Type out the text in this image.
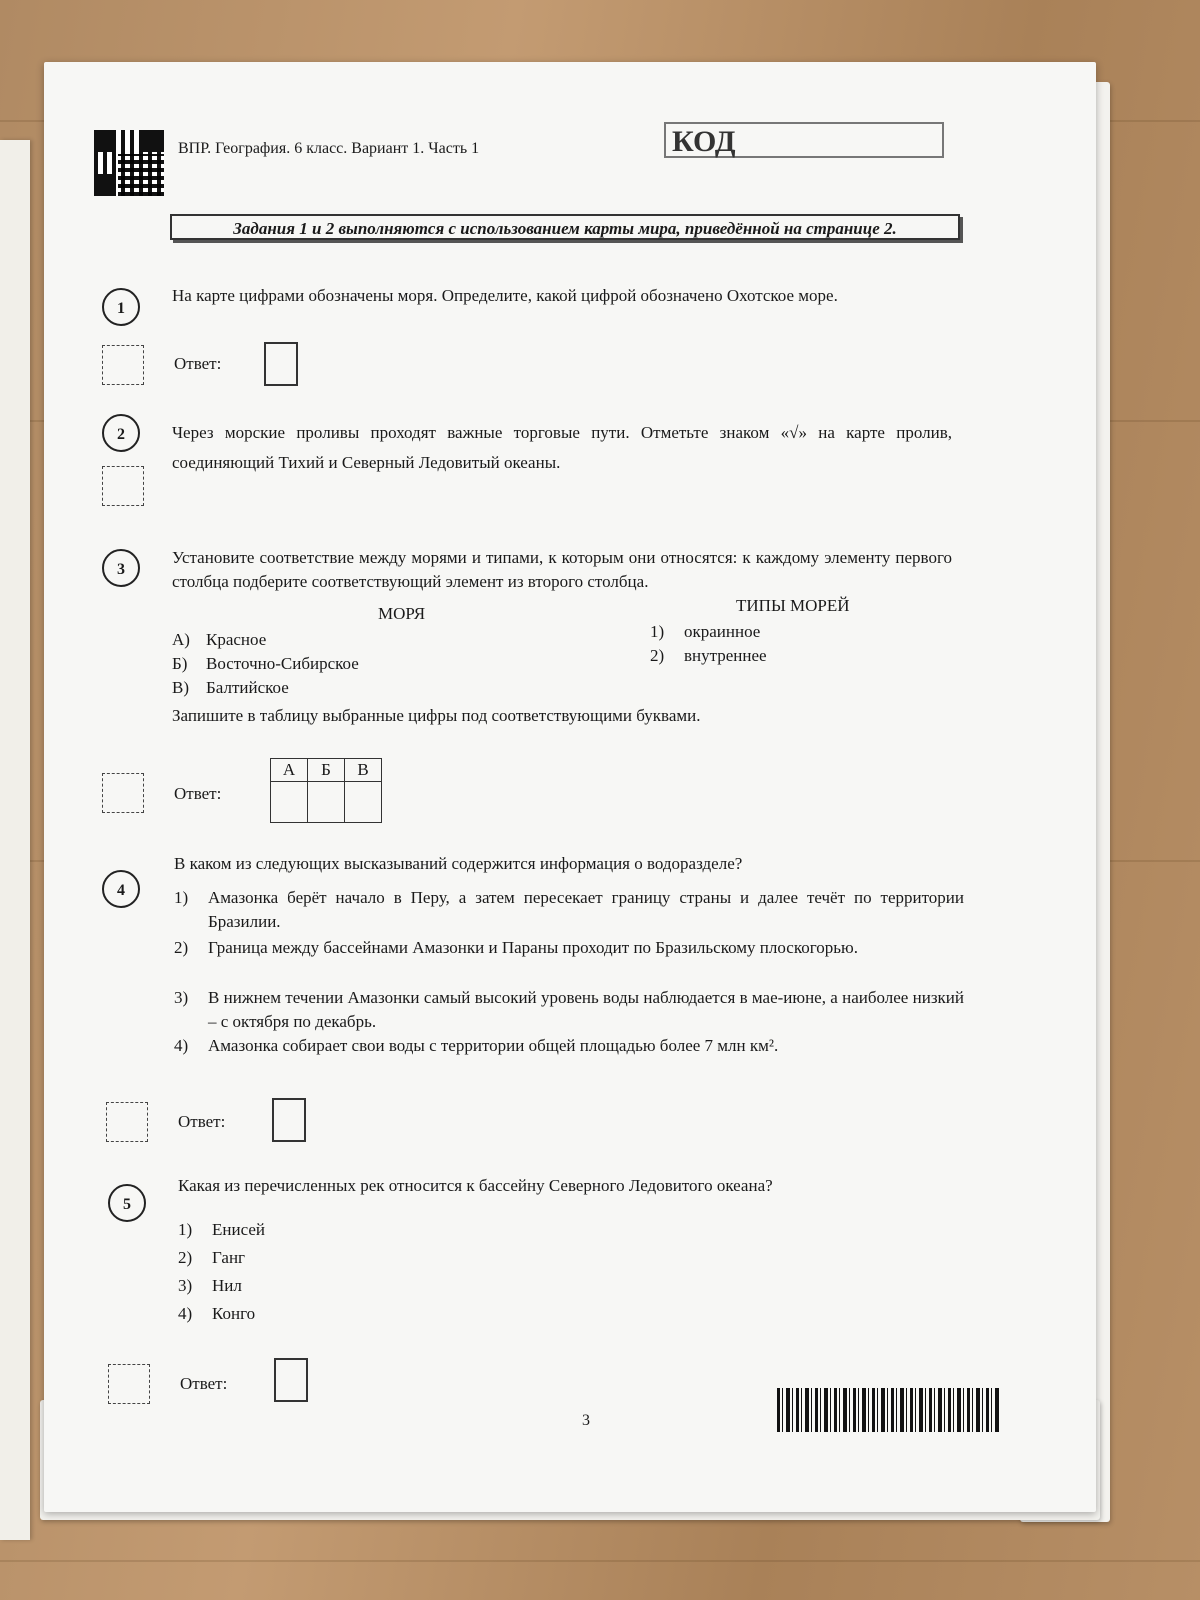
ВПР. География. 6 класс. Вариант 1. Часть 1	КОД
Задания 1 и 2 выполняются с использованием карты мира, приведённой на странице 2.
1
На карте цифрами обозначены моря. Определите, какой цифрой обозначено Охотское море.
Ответ:
2	Через морские проливы проходят важные торговые пути. Отметьте знаком «√» на карте пролив, соединяющий Тихий и Северный Ледовитый океаны.
3
Установите соответствие между морями и типами, к которым они относятся: к каждому элементу первого столбца подберите соответствующий элемент из второго столбца.
МОРЯ	ТИПЫ МОРЕЙ
А) Красное
Б) Восточно-Сибирское
В) Балтийское
1) окраинное
2) внутреннее
Запишите в таблицу выбранные цифры под соответствующими буквами.
Ответ:
А	Б	В

4
В каком из следующих высказываний содержится информация о водоразделе?
1) Амазонка берёт начало в Перу, а затем пересекает границу страны и далее течёт по территории Бразилии.
2) Граница между бассейнами Амазонки и Параны проходит по Бразильскому плоскогорью.
3) В нижнем течении Амазонки самый высокий уровень воды наблюдается в мае-июне, а наиболее низкий – с октября по декабрь.
4) Амазонка собирает свои воды с территории общей площадью более 7 млн км².
Ответ:
5
Какая из перечисленных рек относится к бассейну Северного Ледовитого океана?
1) Енисей
2) Ганг
3) Нил
4) Конго
Ответ:
3
